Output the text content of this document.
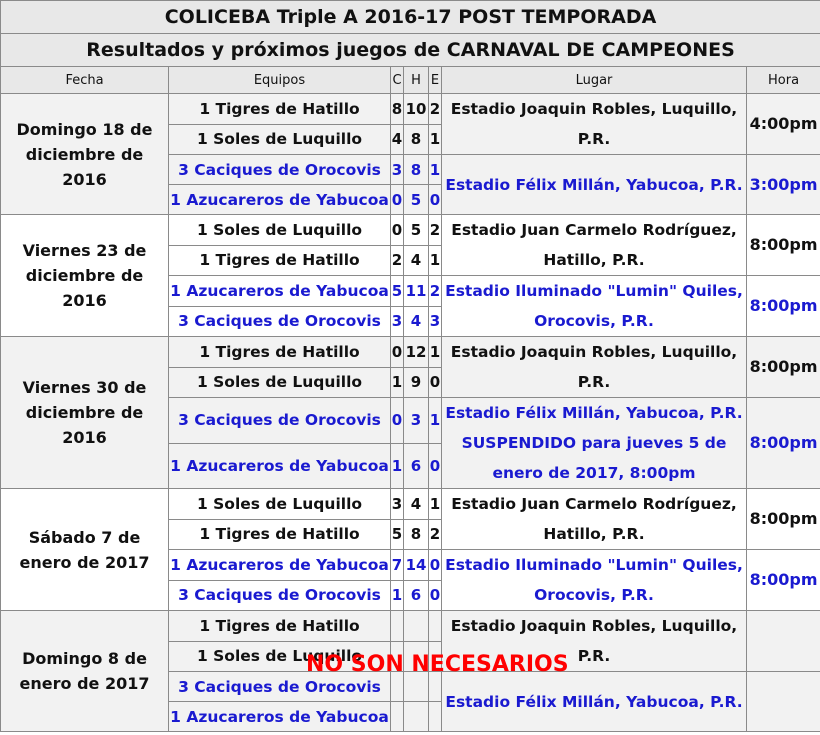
COLICEBA Triple A 2016-17 POST TEMPORADA						
Resultados y próximos juegos de CARNAVAL DE CAMPEONES						
Fecha	Equipos	C	H	E	Lugar	Hora
Domingo 18 de diciembre de 2016	1 Tigres de Hatillo	8	10	2	Estadio Joaquin Robles, Luquillo, P.R.	4:00pm
	1 Soles de Luquillo	4	8	1		
	3 Caciques de Orocovis	3	8	1	Estadio Félix Millán, Yabucoa, P.R.	3:00pm
	1 Azucareros de Yabucoa	0	5	0		
Viernes 23 de diciembre de 2016	1 Soles de Luquillo	0	5	2	Estadio Juan Carmelo Rodríguez, Hatillo, P.R.	8:00pm
	1 Tigres de Hatillo	2	4	1		
	1 Azucareros de Yabucoa	5	11	2	Estadio Iluminado "Lumin" Quiles, Orocovis, P.R.	8:00pm
	3 Caciques de Orocovis	3	4	3		
Viernes 30 de diciembre de 2016	1 Tigres de Hatillo	0	12	1	Estadio Joaquin Robles, Luquillo, P.R.	8:00pm
	1 Soles de Luquillo	1	9	0		
	3 Caciques de Orocovis	0	3	1	Estadio Félix Millán, Yabucoa, P.R. SUSPENDIDO para jueves 5 de enero de 2017, 8:00pm	8:00pm
	1 Azucareros de Yabucoa	1	6	0		
Sábado 7 de enero de 2017	1 Soles de Luquillo	3	4	1	Estadio Juan Carmelo Rodríguez, Hatillo, P.R.	8:00pm
	1 Tigres de Hatillo	5	8	2		
	1 Azucareros de Yabucoa	7	14	0	Estadio Iluminado "Lumin" Quiles, Orocovis, P.R.	8:00pm
	3 Caciques de Orocovis	1	6	0		
Domingo 8 de enero de 2017	1 Tigres de Hatillo				Estadio Joaquin Robles, Luquillo, P.R.	
	1 Soles de Luquillo					
	3 Caciques de Orocovis				Estadio Félix Millán, Yabucoa, P.R.	
	1 Azucareros de Yabucoa					
NO SON NECESARIOS
